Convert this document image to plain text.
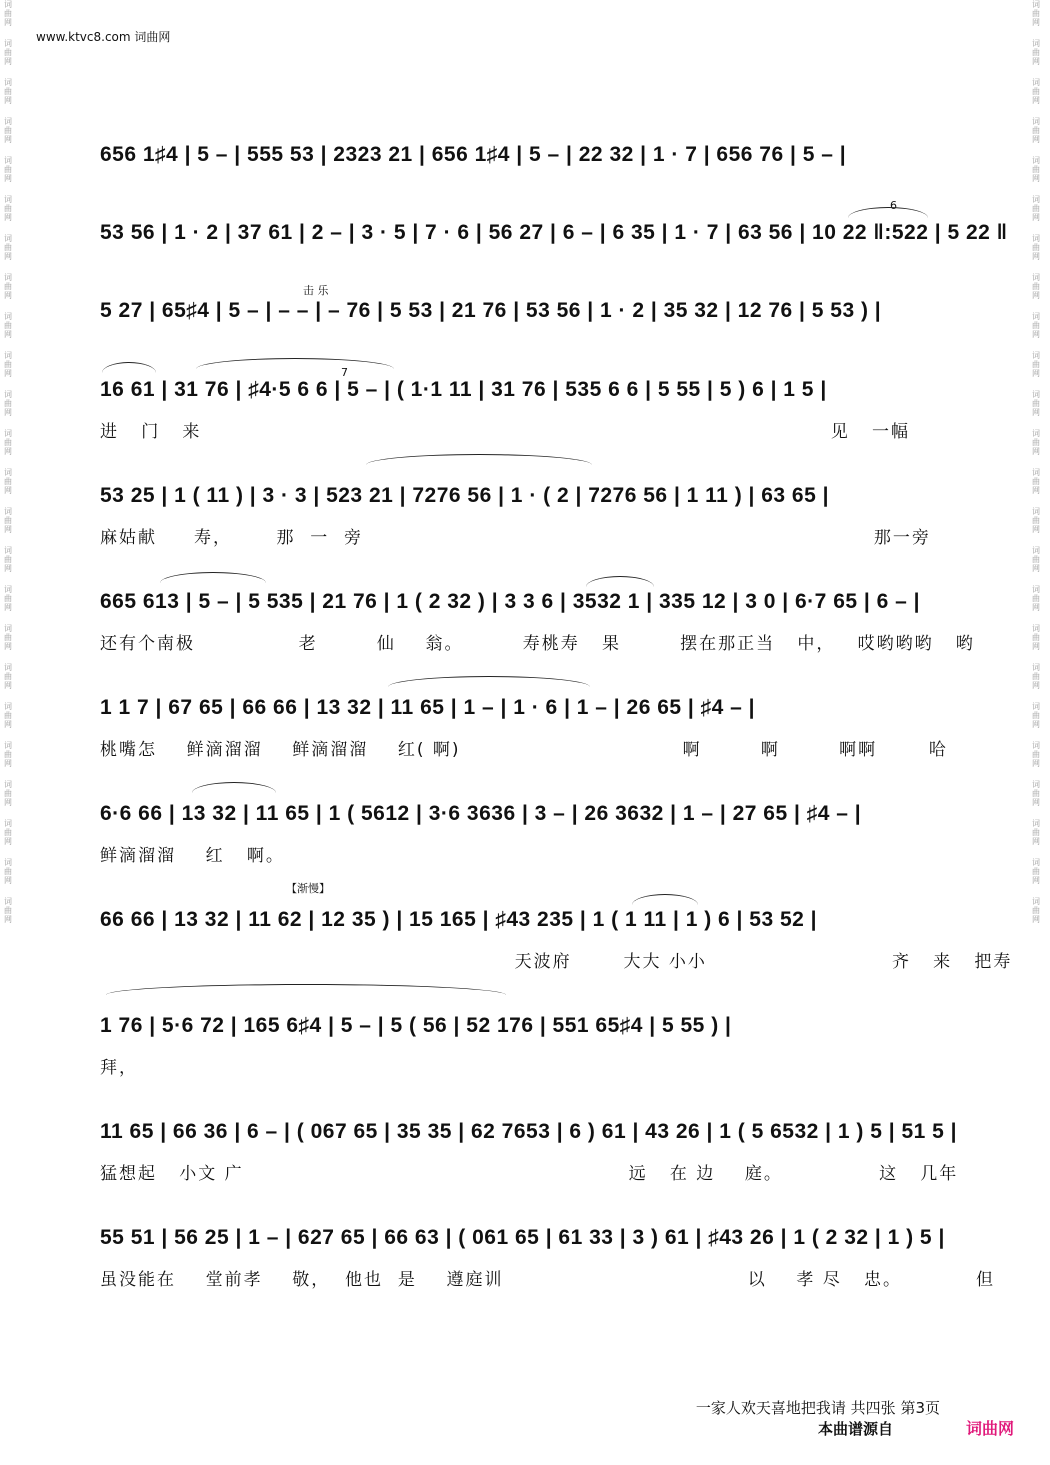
词曲网
词曲网
词曲网
词曲网
词曲网
词曲网
词曲网
词曲网
词曲网
词曲网
词曲网
词曲网
词曲网
词曲网
词曲网
词曲网
词曲网
词曲网
词曲网
词曲网
词曲网
词曲网
词曲网
词曲网
词曲网
词曲网
词曲网
词曲网
词曲网
词曲网
词曲网
词曲网
词曲网
词曲网
词曲网
词曲网
词曲网
词曲网
词曲网
词曲网
词曲网
词曲网
词曲网
词曲网
词曲网
词曲网
词曲网
词曲网
www.ktvc8.com 词曲网
656 1♯4 | 5 – | 555 53 | 2323 21 | 656 1♯4 | 5 – | 22 32 | 1 · 7 | 656 76 | 5 – |
53 56 | 1 · 2 | 37 61 | 2 – | 3 · 5 | 7 · 6 | 56 27 | 6 – | 6 35 | 1 · 7 | 63 56 | 10 22 ‖:522 | 5 22 ‖
6
击 乐
5 27 | 65♯4 | 5 – | – – | – 76 | 5 53 | 21 76 | 53 56 | 1 · 2 | 35 32 | 12 76 | 5 53 ) |
7
16 61 | 31 76 | ♯4·5 6 6 | 5 – | ( 1·1 11 | 31 76 | 535 6 6 | 5 55 | 5 ) 6 | 1 5 |
进   门   来                                                                                     见   一幅
53 25 | 1 ( 11 ) | 3 · 3 | 523 21 | 7276 56 | 1 · ( 2 | 7276 56 | 1 11 ) | 63 65 |
麻姑献     寿，      那  一  旁                                                                     那一旁
665 613 | 5 – | 5 535 | 21 76 | 1 ( 2 32 ) | 3 3 6 | 3532 1 | 335 12 | 3 0 | 6·7 65 | 6 – |
还有个南极              老        仙    翁。        寿桃寿   果        摆在那正当   中，   哎哟哟哟   哟
1 1 7 | 67 65 | 66 66 | 13 32 | 11 65 | 1 – | 1 · 6 | 1 – | 26 65 | ♯4 – |
桃嘴怎    鲜滴溜溜    鲜滴溜溜    红( 啊)                              啊        啊        啊啊       哈
6·6 66 | 13 32 | 11 65 | 1 ( 5612 | 3·6 3636 | 3 – | 26 3632 | 1 – | 27 65 | ♯4 – |
鲜滴溜溜    红   啊。
【渐慢】
66 66 | 13 32 | 11 62 | 12 35 ) | 15 165 | ♯43 235 | 1 ( 1 11 | 1 ) 6 | 53 52 |
天波府       大大 小小                         齐   来   把寿
1 76 | 5·6 72 | 165 6♯4 | 5 – | 5 ( 56 | 52 176 | 551 65♯4 | 5 55 ) |
拜，
11 65 | 66 36 | 6 – | ( 067 65 | 35 35 | 62 7653 | 6 ) 61 | 43 26 | 1 ( 5 6532 | 1 ) 5 | 51 5 |
猛想起   小文 广                                                    远   在 边    庭。             这   几年
55 51 | 56 25 | 1 – | 627 65 | 66 63 | ( 061 65 | 61 33 | 3 ) 61 | ♯43 26 | 1 ( 2 32 | 1 ) 5 |
虽没能在    堂前孝    敬，  他也  是    遵庭训                                 以    孝 尽   忠。          但
一家人欢天喜地把我请 共四张 第3页
本曲谱源自	词曲网
